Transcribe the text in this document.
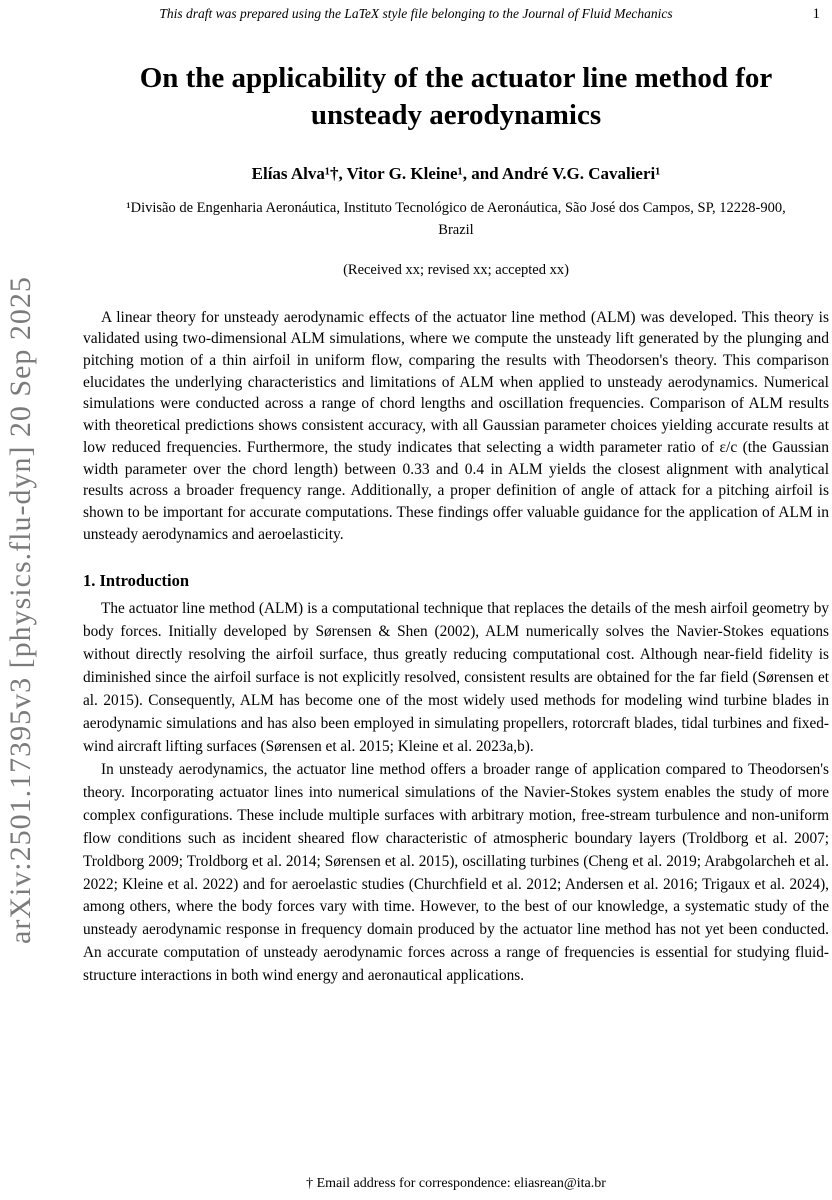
This draft was prepared using the LaTeX style file belonging to the Journal of Fluid Mechanics	1
arXiv:2501.17395v3 [physics.flu-dyn] 20 Sep 2025
On the applicability of the actuator line method for unsteady aerodynamics
Elías Alva¹†, Vitor G. Kleine¹, and André V.G. Cavalieri¹
¹Divisão de Engenharia Aeronáutica, Instituto Tecnológico de Aeronáutica, São José dos Campos, SP, 12228-900, Brazil
(Received xx; revised xx; accepted xx)

A linear theory for unsteady aerodynamic effects of the actuator line method (ALM) was developed. This theory is validated using two-dimensional ALM simulations, where we compute the unsteady lift generated by the plunging and pitching motion of a thin airfoil in uniform flow, comparing the results with Theodorsen's theory. This comparison elucidates the underlying characteristics and limitations of ALM when applied to unsteady aerodynamics. Numerical simulations were conducted across a range of chord lengths and oscillation frequencies. Comparison of ALM results with theoretical predictions shows consistent accuracy, with all Gaussian parameter choices yielding accurate results at low reduced frequencies. Furthermore, the study indicates that selecting a width parameter ratio of ε/c (the Gaussian width parameter over the chord length) between 0.33 and 0.4 in ALM yields the closest alignment with analytical results across a broader frequency range. Additionally, a proper definition of angle of attack for a pitching airfoil is shown to be important for accurate computations. These findings offer valuable guidance for the application of ALM in unsteady aerodynamics and aeroelasticity.

1. Introduction

The actuator line method (ALM) is a computational technique that replaces the details of the mesh airfoil geometry by body forces. Initially developed by Sørensen & Shen (2002), ALM numerically solves the Navier-Stokes equations without directly resolving the airfoil surface, thus greatly reducing computational cost. Although near-field fidelity is diminished since the airfoil surface is not explicitly resolved, consistent results are obtained for the far field (Sørensen et al. 2015). Consequently, ALM has become one of the most widely used methods for modeling wind turbine blades in aerodynamic simulations and has also been employed in simulating propellers, rotorcraft blades, tidal turbines and fixed-wind aircraft lifting surfaces (Sørensen et al. 2015; Kleine et al. 2023a,b).

In unsteady aerodynamics, the actuator line method offers a broader range of application compared to Theodorsen's theory. Incorporating actuator lines into numerical simulations of the Navier-Stokes system enables the study of more complex configurations. These include multiple surfaces with arbitrary motion, free-stream turbulence and non-uniform flow conditions such as incident sheared flow characteristic of atmospheric boundary layers (Troldborg et al. 2007; Troldborg 2009; Troldborg et al. 2014; Sørensen et al. 2015), oscillating turbines (Cheng et al. 2019; Arabgolarcheh et al. 2022; Kleine et al. 2022) and for aeroelastic studies (Churchfield et al. 2012; Andersen et al. 2016; Trigaux et al. 2024), among others, where the body forces vary with time. However, to the best of our knowledge, a systematic study of the unsteady aerodynamic response in frequency domain produced by the actuator line method has not yet been conducted. An accurate computation of unsteady aerodynamic forces across a range of frequencies is essential for studying fluid-structure interactions in both wind energy and aeronautical applications.

† Email address for correspondence: eliasrean@ita.br
